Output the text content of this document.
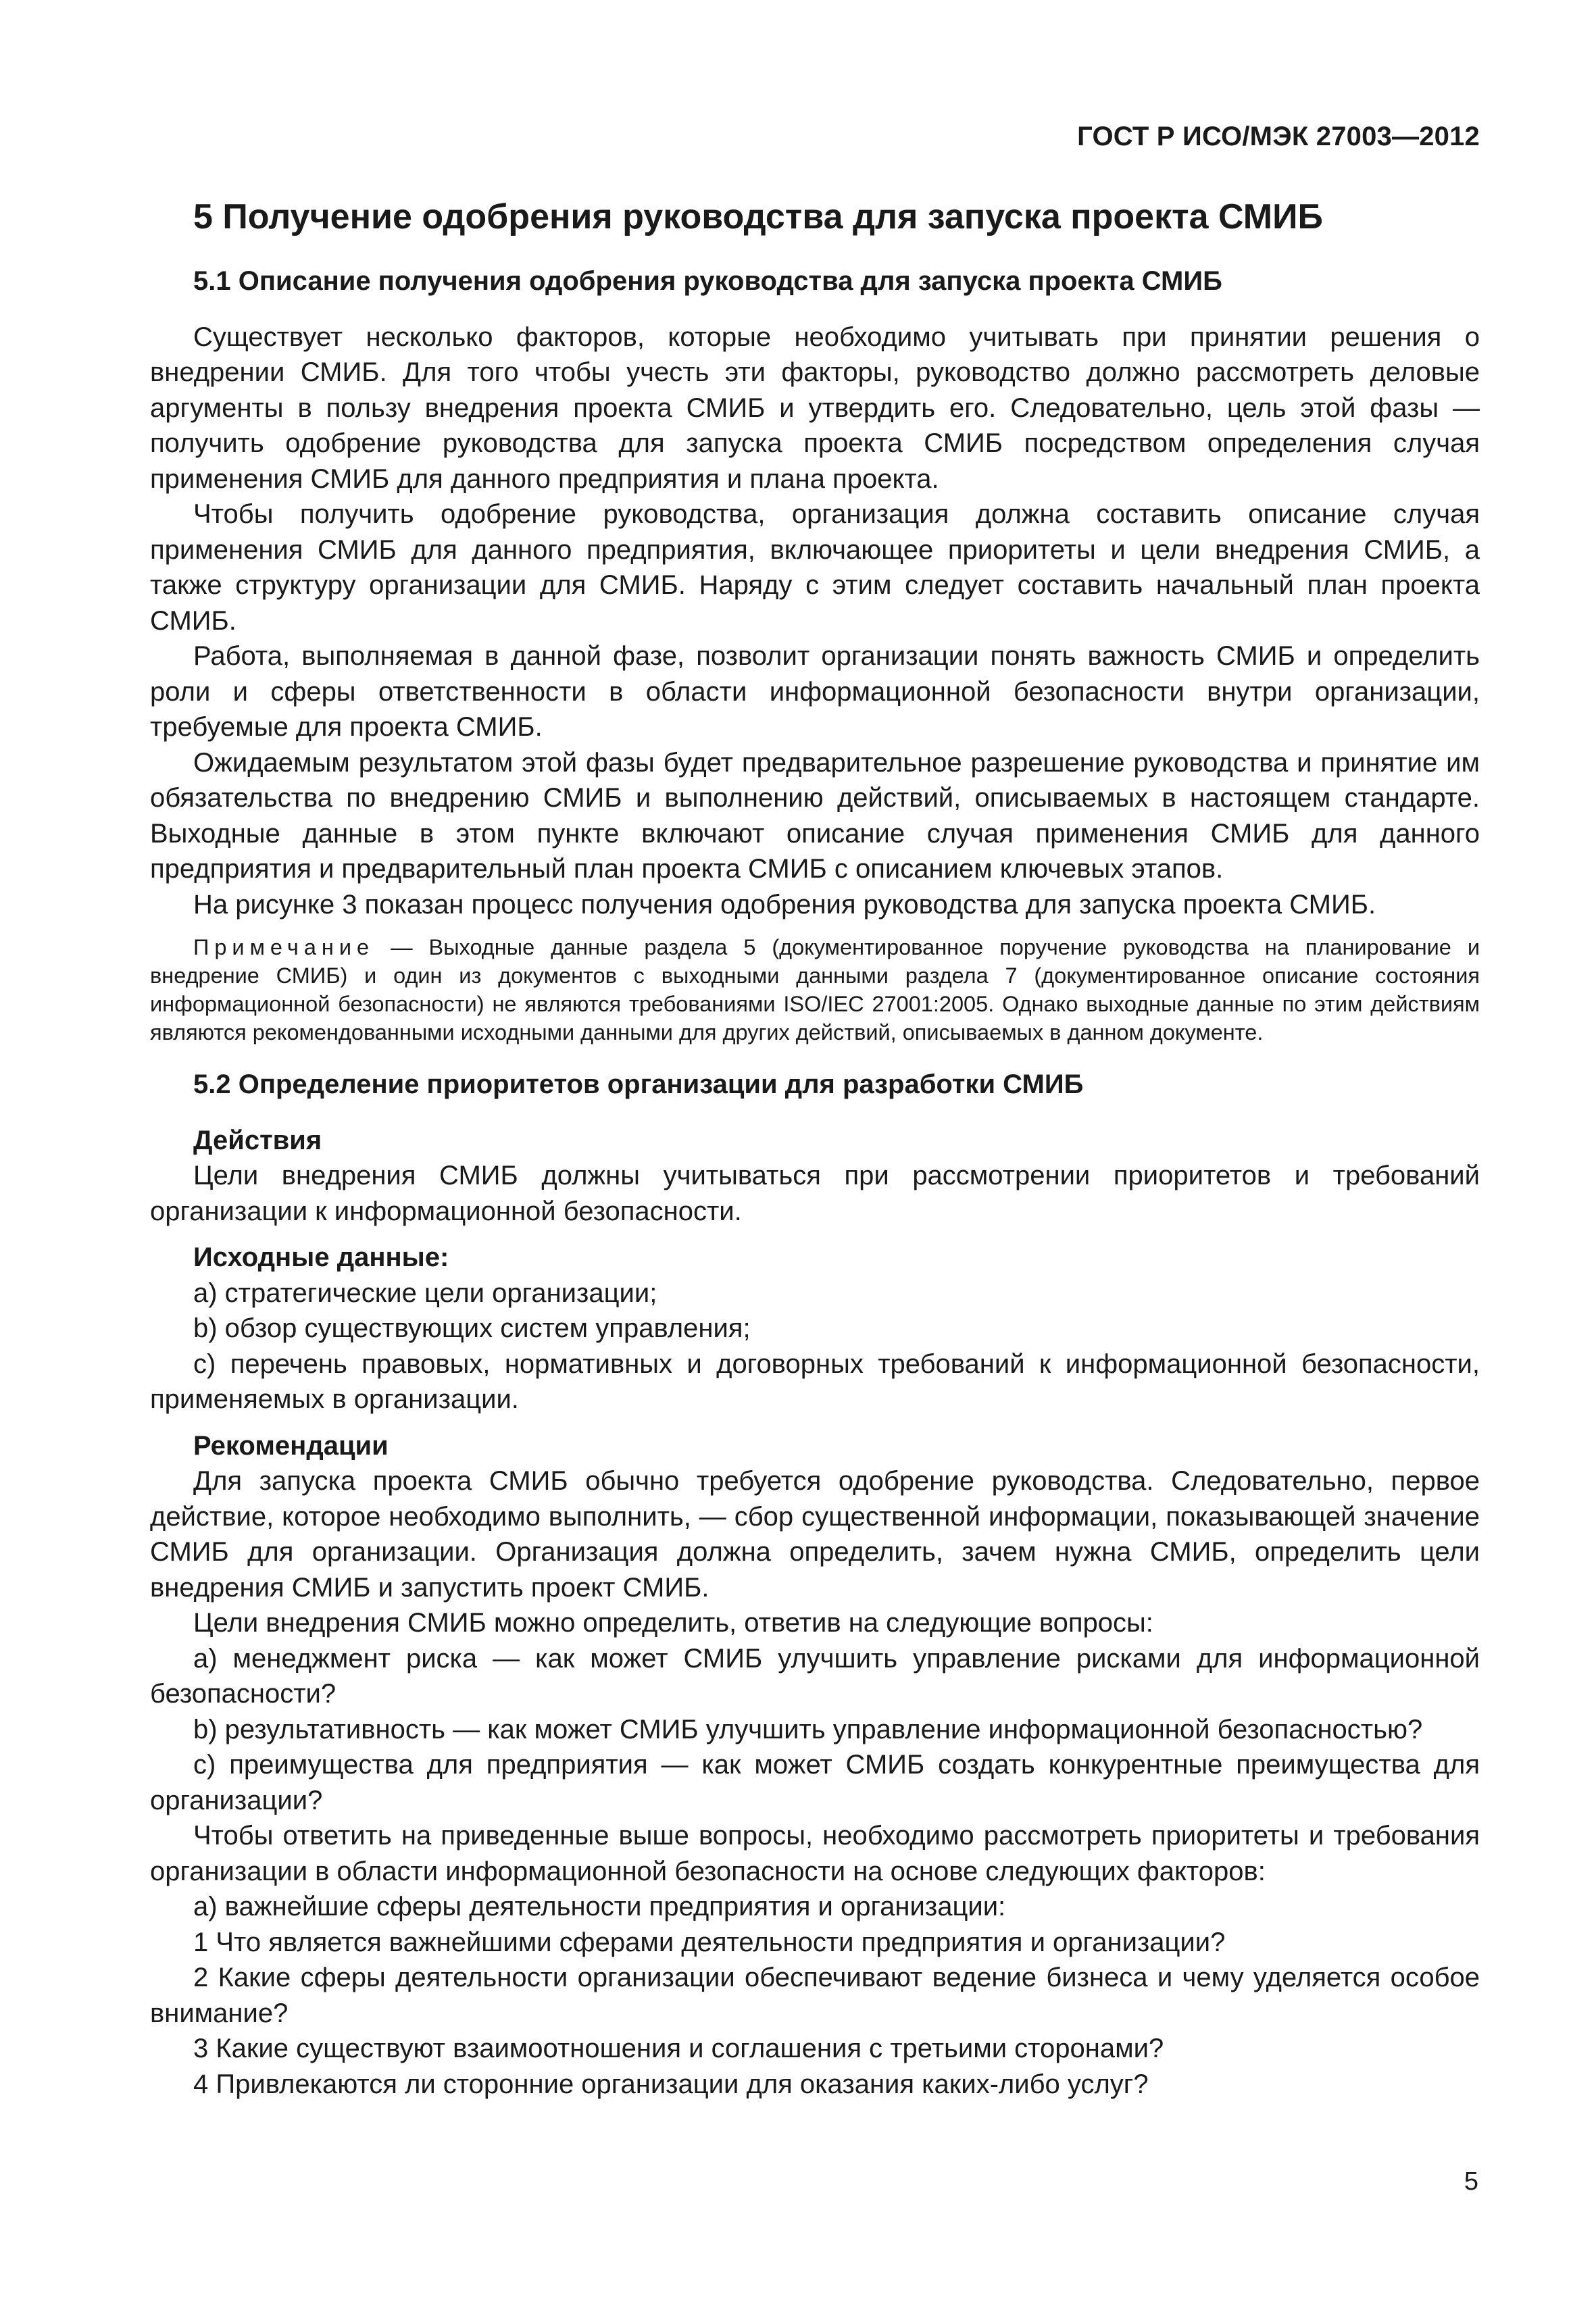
ГОСТ Р ИСО/МЭК 27003—2012
5 Получение одобрения руководства для запуска проекта СМИБ
5.1 Описание получения одобрения руководства для запуска проекта СМИБ

Существует несколько факторов, которые необходимо учитывать при принятии решения о внедрении СМИБ. Для того чтобы учесть эти факторы, руководство должно рассмотреть деловые аргументы в пользу внедрения проекта СМИБ и утвердить его. Следовательно, цель этой фазы — получить одобрение руководства для запуска проекта СМИБ посредством определения случая применения СМИБ для данного предприятия и плана проекта.

Чтобы получить одобрение руководства, организация должна составить описание случая применения СМИБ для данного предприятия, включающее приоритеты и цели внедрения СМИБ, а также структуру организации для СМИБ. Наряду с этим следует составить начальный план проекта СМИБ.

Работа, выполняемая в данной фазе, позволит организации понять важность СМИБ и определить роли и сферы ответственности в области информационной безопасности внутри организации, требуемые для проекта СМИБ.

Ожидаемым результатом этой фазы будет предварительное разрешение руководства и принятие им обязательства по внедрению СМИБ и выполнению действий, описываемых в настоящем стандарте. Выходные данные в этом пункте включают описание случая применения СМИБ для данного предприятия и предварительный план проекта СМИБ с описанием ключевых этапов.

На рисунке 3 показан процесс получения одобрения руководства для запуска проекта СМИБ.

Примечание — Выходные данные раздела 5 (документированное поручение руководства на планирование и внедрение СМИБ) и один из документов с выходными данными раздела 7 (документированное описание состояния информационной безопасности) не являются требованиями ISO/IEC 27001:2005. Однако выходные данные по этим действиям являются рекомендованными исходными данными для других действий, описываемых в данном документе.

5.2 Определение приоритетов организации для разработки СМИБ
Действия

Цели внедрения СМИБ должны учитываться при рассмотрении приоритетов и требований организации к информационной безопасности.

Исходные данные:

а) стратегические цели организации;

b) обзор существующих систем управления;

с) перечень правовых, нормативных и договорных требований к информационной безопасности, применяемых в организации.

Рекомендации

Для запуска проекта СМИБ обычно требуется одобрение руководства. Следовательно, первое действие, которое необходимо выполнить, — сбор существенной информации, показывающей значение СМИБ для организации. Организация должна определить, зачем нужна СМИБ, определить цели внедрения СМИБ и запустить проект СМИБ.

Цели внедрения СМИБ можно определить, ответив на следующие вопросы:

а) менеджмент риска — как может СМИБ улучшить управление рисками для информационной безопасности?

b) результативность — как может СМИБ улучшить управление информационной безопасностью?

с) преимущества для предприятия — как может СМИБ создать конкурентные преимущества для организации?

Чтобы ответить на приведенные выше вопросы, необходимо рассмотреть приоритеты и требования организации в области информационной безопасности на основе следующих факторов:

а) важнейшие сферы деятельности предприятия и организации:

1 Что является важнейшими сферами деятельности предприятия и организации?

2 Какие сферы деятельности организации обеспечивают ведение бизнеса и чему уделяется особое внимание?

3 Какие существуют взаимоотношения и соглашения с третьими сторонами?

4 Привлекаются ли сторонние организации для оказания каких-либо услуг?

5
